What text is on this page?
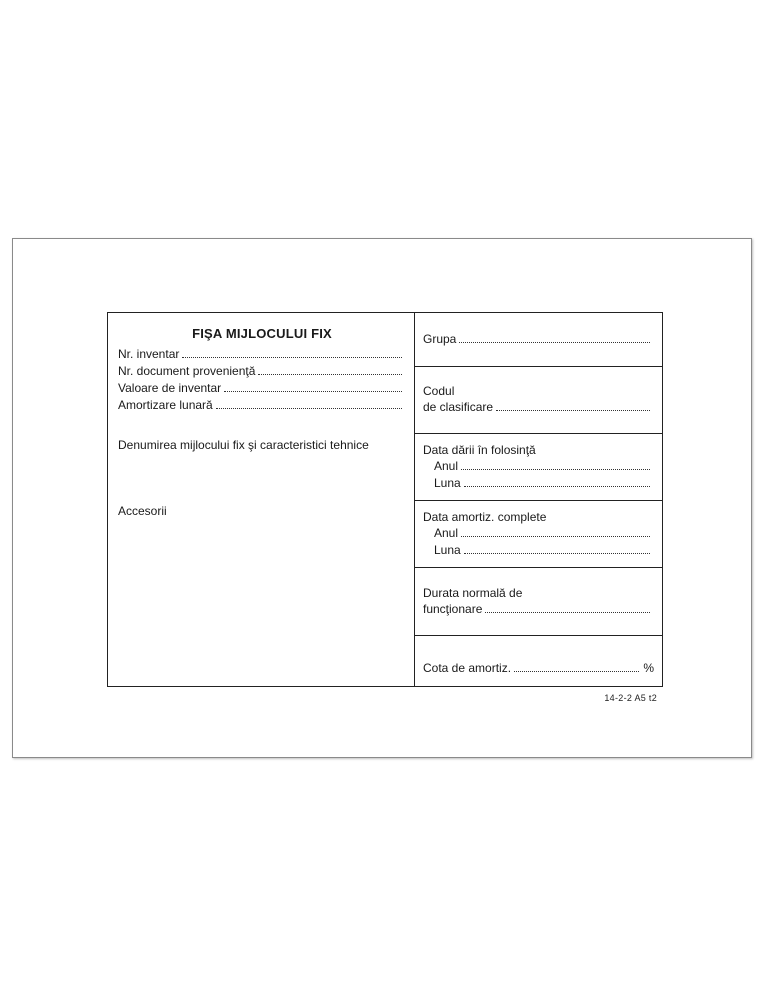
FIŞA MIJLOCULUI FIX
Nr. inventar
Nr. document provenienţă
Valoare de inventar
Amortizare lunară
Denumirea mijlocului fix şi caracteristici tehnice
Accesorii
Grupa
Codul
de clasificare
Data dării în folosinţă
Anul
Luna
Data amortiz. complete
Anul
Luna
Durata normală de
funcţionare
Cota de amortiz.	%
14-2-2 A5 t2
